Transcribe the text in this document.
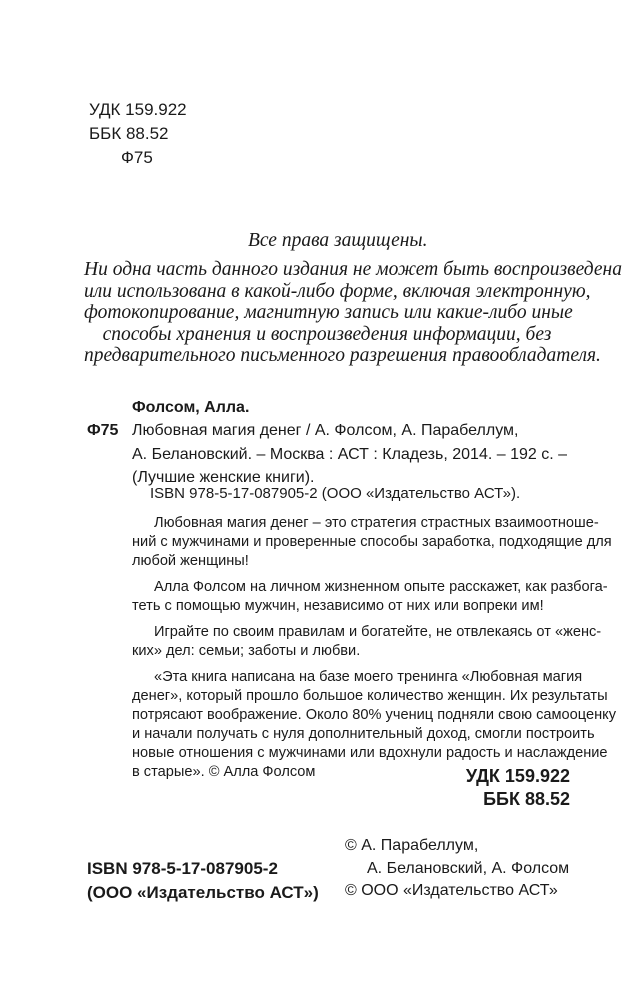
УДК 159.922
ББК 88.52
Ф75
Все права защищены.
Ни одна часть данного издания не может быть воспроизведена
или использована в какой-либо форме, включая электронную,
фотокопирование, магнитную запись или какие-либо иные
способы хранения и воспроизведения информации, без
предварительного письменного разрешения правообладателя.
Фолсом, Алла.
Ф75 Любовная магия денег / А. Фолсом, А. Парабеллум,
А. Белановский. – Москва : АСТ : Кладезь, 2014. – 192 с. –
(Лучшие женские книги).
ISBN 978-5-17-087905-2 (ООО «Издательство АСТ»).

Любовная магия денег – это стратегия страстных взаимоотноше-
ний с мужчинами и проверенные способы заработка, подходящие для
любой женщины!

Алла Фолсом на личном жизненном опыте расскажет, как разбога-
теть с помощью мужчин, независимо от них или вопреки им!

Играйте по своим правилам и богатейте, не отвлекаясь от «женс-
ких» дел: семьи; заботы и любви.

«Эта книга написана на базе моего тренинга «Любовная магия
денег», который прошло большое количество женщин. Их результаты
потрясают воображение. Около 80% учениц подняли свою самооценку
и начали получать с нуля дополнительный доход, смогли построить
новые отношения с мужчинами или вдохнули радость и наслаждение
в старые». © Алла Фолсом	УДК 159.922
ББК 88.52
ISBN 978-5-17-087905-2
(ООО «Издательство АСТ»)
© А. Парабеллум,
А. Белановский, А. Фолсом
© ООО «Издательство АСТ»
